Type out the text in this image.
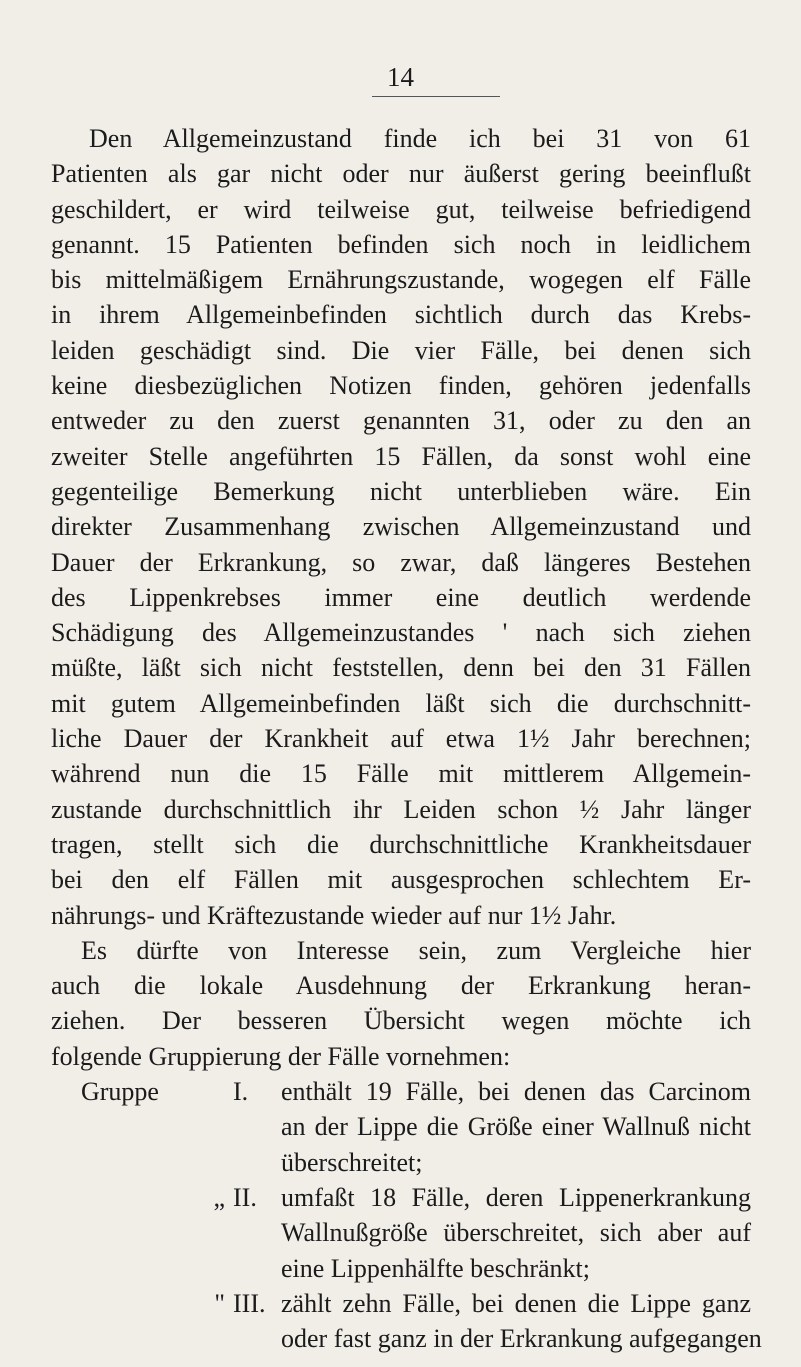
14
Den Allgemeinzustand finde ich bei 31 von 61
Patienten als gar nicht oder nur äußerst gering beeinflußt
geschildert, er wird teilweise gut, teilweise befriedigend
genannt. 15 Patienten befinden sich noch in leidlichem
bis mittelmäßigem Ernährungszustande, wogegen elf Fälle
in ihrem Allgemeinbefinden sichtlich durch das Krebs-
leiden geschädigt sind. Die vier Fälle, bei denen sich
keine diesbezüglichen Notizen finden, gehören jedenfalls
entweder zu den zuerst genannten 31, oder zu den an
zweiter Stelle angeführten 15 Fällen, da sonst wohl eine
gegenteilige Bemerkung nicht unterblieben wäre. Ein
direkter Zusammenhang zwischen Allgemeinzustand und
Dauer der Erkrankung, so zwar, daß längeres Bestehen
des Lippenkrebses immer eine deutlich werdende
Schädigung des Allgemeinzustandes ' nach sich ziehen
müßte, läßt sich nicht feststellen, denn bei den 31 Fällen
mit gutem Allgemeinbefinden läßt sich die durchschnitt-
liche Dauer der Krankheit auf etwa 1½ Jahr berechnen;
während nun die 15 Fälle mit mittlerem Allgemein-
zustande durchschnittlich ihr Leiden schon ½ Jahr länger
tragen, stellt sich die durchschnittliche Krankheitsdauer
bei den elf Fällen mit ausgesprochen schlechtem Er-
nährungs- und Kräftezustande wieder auf nur 1½ Jahr.
Es dürfte von Interesse sein, zum Vergleiche hier
auch die lokale Ausdehnung der Erkrankung heran-
ziehen. Der besseren Übersicht wegen möchte ich
folgende Gruppierung der Fälle vornehmen:
Gruppe	I.	enthält 19 Fälle, bei denen das Carcinom
an der Lippe die Größe einer Wallnuß nicht
überschreitet;
„ II. umfaßt 18 Fälle, deren Lippenerkrankung
Wallnußgröße überschreitet, sich aber auf
eine Lippenhälfte beschränkt;
" III. zählt zehn Fälle, bei denen die Lippe ganz
oder fast ganz in der Erkrankung aufgegangen
